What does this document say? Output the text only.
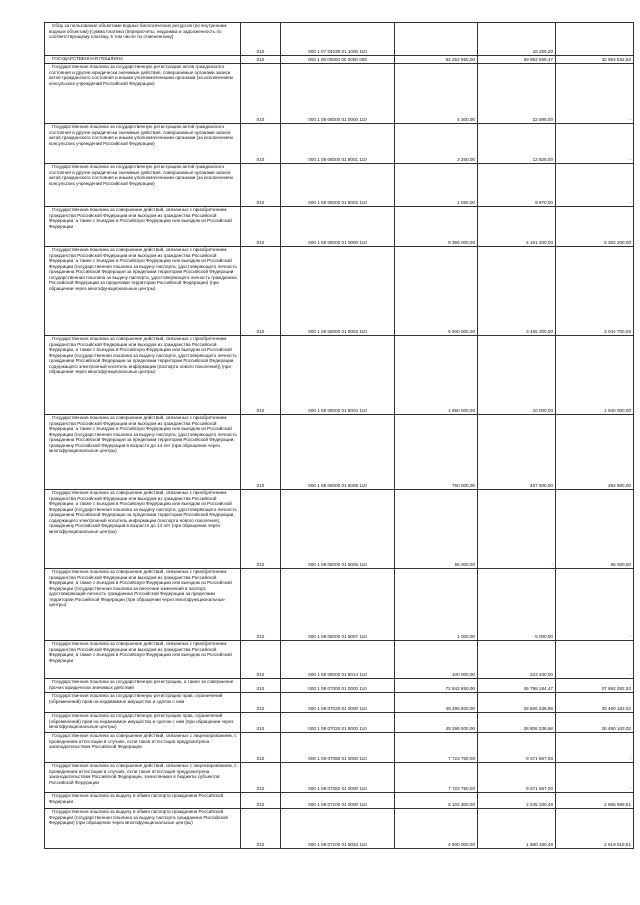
Сбор за пользование объектами водных биологических ресурсов (по внутренним водным объектам) (сумма платежа (перерасчеты, недоимка и задолженность по соответствующему платежу, в том числе по отмененному)	010	000 1 07 04030 01 1000 110		18 259,20	
ГОСУДАРСТВЕННАЯ ПОШЛИНА	010	000 1 08 00000 00 0000 000	92 252 950,00	59 982 068,47	32 994 582,53
Государственная пошлина за государственную регистрацию актов гражданского состояния и другие юридически значимые действия, совершаемые органами записи актов гражданского состояния и иными уполномоченными органами (за исключением консульских учреждений Российской Федерации)	010	000 1 08 05000 01 0000 110	4 300,00	22 895,00	-
Государственная пошлина за государственную регистрацию актов гражданского состояния и другие юридически значимые действия, совершаемые органами записи актов гражданского состояния и иными уполномоченными органами (за исключением консульских учреждений Российской Федерации)	010	000 1 08 05000 01 8001 110	3 250,00	12 825,00	-
Государственная пошлина за государственную регистрацию актов гражданского состояния и другие юридически значимые действия, совершаемые органами записи актов гражданского состояния и иными уполномоченными органами (за исключением консульских учреждений Российской Федерации)	010	000 1 08 05000 01 8002 110	1 050,00	9 870,00	-
Государственная пошлина за совершение действий, связанных с приобретением гражданства Российской Федерации или выходом из гражданства Российской Федерации, а также с въездом в Российскую Федерацию или выездом из Российской Федерации	010	000 1 08 06000 01 0000 110	9 356 000,00	4 161 200,00	5 302 200,00
Государственная пошлина за совершение действий, связанных с приобретением гражданства Российской Федерации или выходом из гражданства Российской Федерации, а также с въездом в Российскую Федерацию или выездом из Российской Федерации (государственная пошлина за выдачу паспорта, удостоверяющего личность гражданина Российской Федерации за пределами территории Российской Федерации государственная пошлина за выдачу паспорта, удостоверяющего личность гражданина Российской Федерации за пределами территории Российской Федерации) (при обращении через многофункциональные центры)	010	000 1 08 06000 01 8003 110	6 500 000,00	3 455 300,00	3 044 700,00
Государственная пошлина за совершение действий, связанных с приобретением гражданства Российской Федерации или выходом из гражданства Российской Федерации, а также с въездом в Российскую Федерацию или выездом из Российской Федерации (государственная пошлина за выдачу паспорта, удостоверяющего личность гражданина Российской Федерации за пределами территории Российской Федерации, содержащего электронный носитель информации (паспорта нового поколения)) (при обращении через многофункциональные центры)	010	000 1 08 06000 01 8004 110	1 950 000,00	10 000,00	1 940 000,00
Государственная пошлина за совершение действий, связанных с приобретением гражданства Российской Федерации или выходом из гражданства Российской Федерации, а также с въездом в Российскую Федерацию или выездом из Российской Федерации (государственная пошлина за выдачу паспорта, удостоверяющего личность гражданина Российской Федерации за пределами территории Российской Федерации, гражданину Российской Федерации в возрасте до 14 лет (при обращении через многофункциональные центры)	010	000 1 08 06000 01 8005 110	750 000,00	467 500,00	282 500,00
Государственная пошлина за совершение действий, связанных с приобретением гражданства Российской Федерации или выходом из гражданства Российской Федерации, а также с въездом в Российскую Федерацию или выездом из Российской Федерации (государственная пошлина за выдачу паспорта, удостоверяющего личность гражданина Российской Федерации за пределами территории Российской Федерации, содержащего электронный носитель информации (паспорта нового поколения), гражданину Российской Федерации в возрасте до 14 лет (при обращении через многофункциональные центры)	010	000 1 08 06000 01 8006 110	56 000,00	-	56 000,00
Государственная пошлина за совершение действий, связанных с приобретением гражданства Российской Федерации или выходом из гражданства Российской Федерации, а также с въездом в Российскую Федерацию или выездом из Российской Федерации (государственная пошлина за внесение изменений в паспорт, удостоверяющий личность гражданина Российской Федерации за пределами территории Российской Федерации (при обращении через многофункциональные центры)	010	000 1 08 06000 01 8007 110	1 000,00	5 000,00	-
Государственная пошлина за совершение действий, связанных с приобретением гражданства Российской Федерации или выходом из гражданства Российской Федерации, а также с въездом в Российскую Федерацию или выездом из Российской Федерации	010	000 1 08 06000 01 8014 110	100 000,00	223 400,00	-
Государственная пошлина за государственную регистрацию, а также за совершение прочих юридически значимых действий	010	000 1 08 07000 01 0000 110	72 842 650,00	45 798 184,47	27 692 382,53
Государственная пошлина за государственную регистрацию прав, ограничений (обременений) прав на недвижимое имущество и сделок с ним	010	000 1 08 07020 01 0000 110	49 296 500,00	28 806 336,98	20 490 163,02
Государственная пошлина за государственную регистрацию прав, ограничений (обременений) прав на недвижимое имущество и сделок с ним (при обращении через многофункциональные центры)	010	000 1 08 07020 01 8000 110	49 296 500,00	28 806 336,98	20 490 163,02
Государственная пошлина за совершение действий, связанных с лицензированием, с проведением аттестации в случаях, если такая аттестация предусмотрена законодательством Российской Федерации	010	000 1 08 07080 01 0000 110	7 723 750,00	9 371 667,00	-
Государственная пошлина за совершение действий, связанных с лицензированием, с проведением аттестации в случаях, если такая аттестация предусмотрена законодательством Российской Федерации, зачисляемая в бюджеты субъектов Российской Федерации	010	000 1 08 07082 01 0000 110	7 723 750,00	9 371 667,00	-
Государственная пошлина за выдачу и обмен паспорта гражданина Российской Федерации	010	000 1 08 07100 01 0000 110	5 102 300,00	2 245 330,49	2 856 969,51
Государственная пошлина за выдачу и обмен паспорта гражданина Российской Федерации (государственная пошлина за выдачу паспорта гражданина Российской Федерации) (при обращении через многофункциональные центры)	010	000 1 08 07100 01 8034 110	4 500 000,00	1 880 180,49	2 619 819,51
